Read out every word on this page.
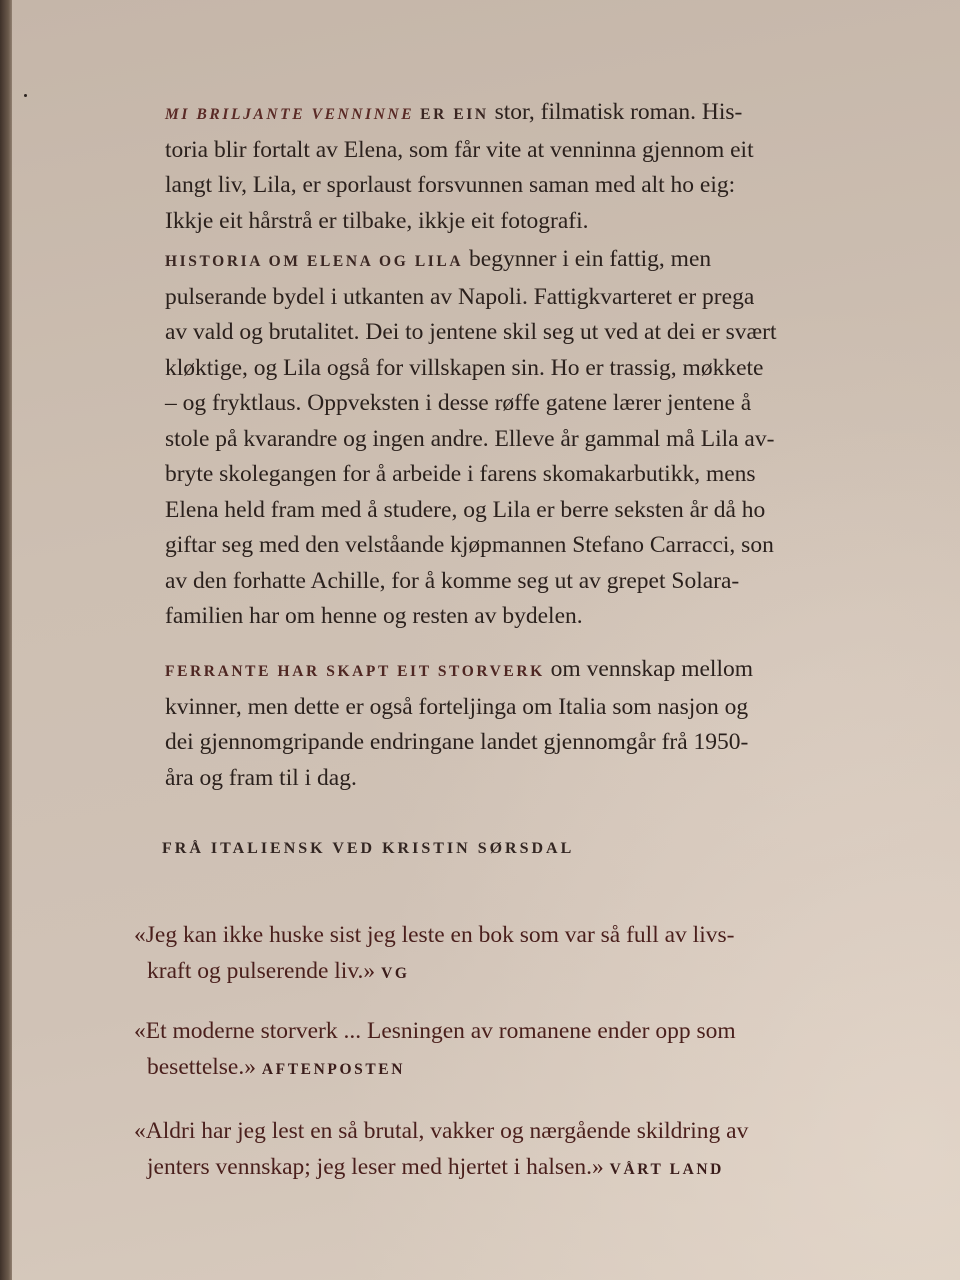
MI BRILJANTE VENNINNE ER EIN stor, filmatisk roman. His-
toria blir fortalt av Elena, som får vite at venninna gjennom eit
langt liv, Lila, er sporlaust forsvunnen saman med alt ho eig:
Ikkje eit hårstrå er tilbake, ikkje eit fotografi.
HISTORIA OM ELENA OG LILA begynner i ein fattig, men
pulserande bydel i utkanten av Napoli. Fattigkvarteret er prega
av vald og brutalitet. Dei to jentene skil seg ut ved at dei er svært
kløktige, og Lila også for villskapen sin. Ho er trassig, møkkete
– og fryktlaus. Oppveksten i desse røffe gatene lærer jentene å
stole på kvarandre og ingen andre. Elleve år gammal må Lila av-
bryte skolegangen for å arbeide i farens skomakarbutikk, mens
Elena held fram med å studere, og Lila er berre seksten år då ho
giftar seg med den velståande kjøpmannen Stefano Carracci, son
av den forhatte Achille, for å komme seg ut av grepet Solara-
familien har om henne og resten av bydelen.
FERRANTE HAR SKAPT EIT STORVERK om vennskap mellom
kvinner, men dette er også forteljinga om Italia som nasjon og
dei gjennomgripande endringane landet gjennomgår frå 1950-
åra og fram til i dag.
FRÅ ITALIENSK VED KRISTIN SØRSDAL
«Jeg kan ikke huske sist jeg leste en bok som var så full av livs-
kraft og pulserende liv.» VG
«Et moderne storverk ... Lesningen av romanene ender opp som
besettelse.» AFTENPOSTEN
«Aldri har jeg lest en så brutal, vakker og nærgående skildring av
jenters vennskap; jeg leser med hjertet i halsen.» VÅRT LAND
